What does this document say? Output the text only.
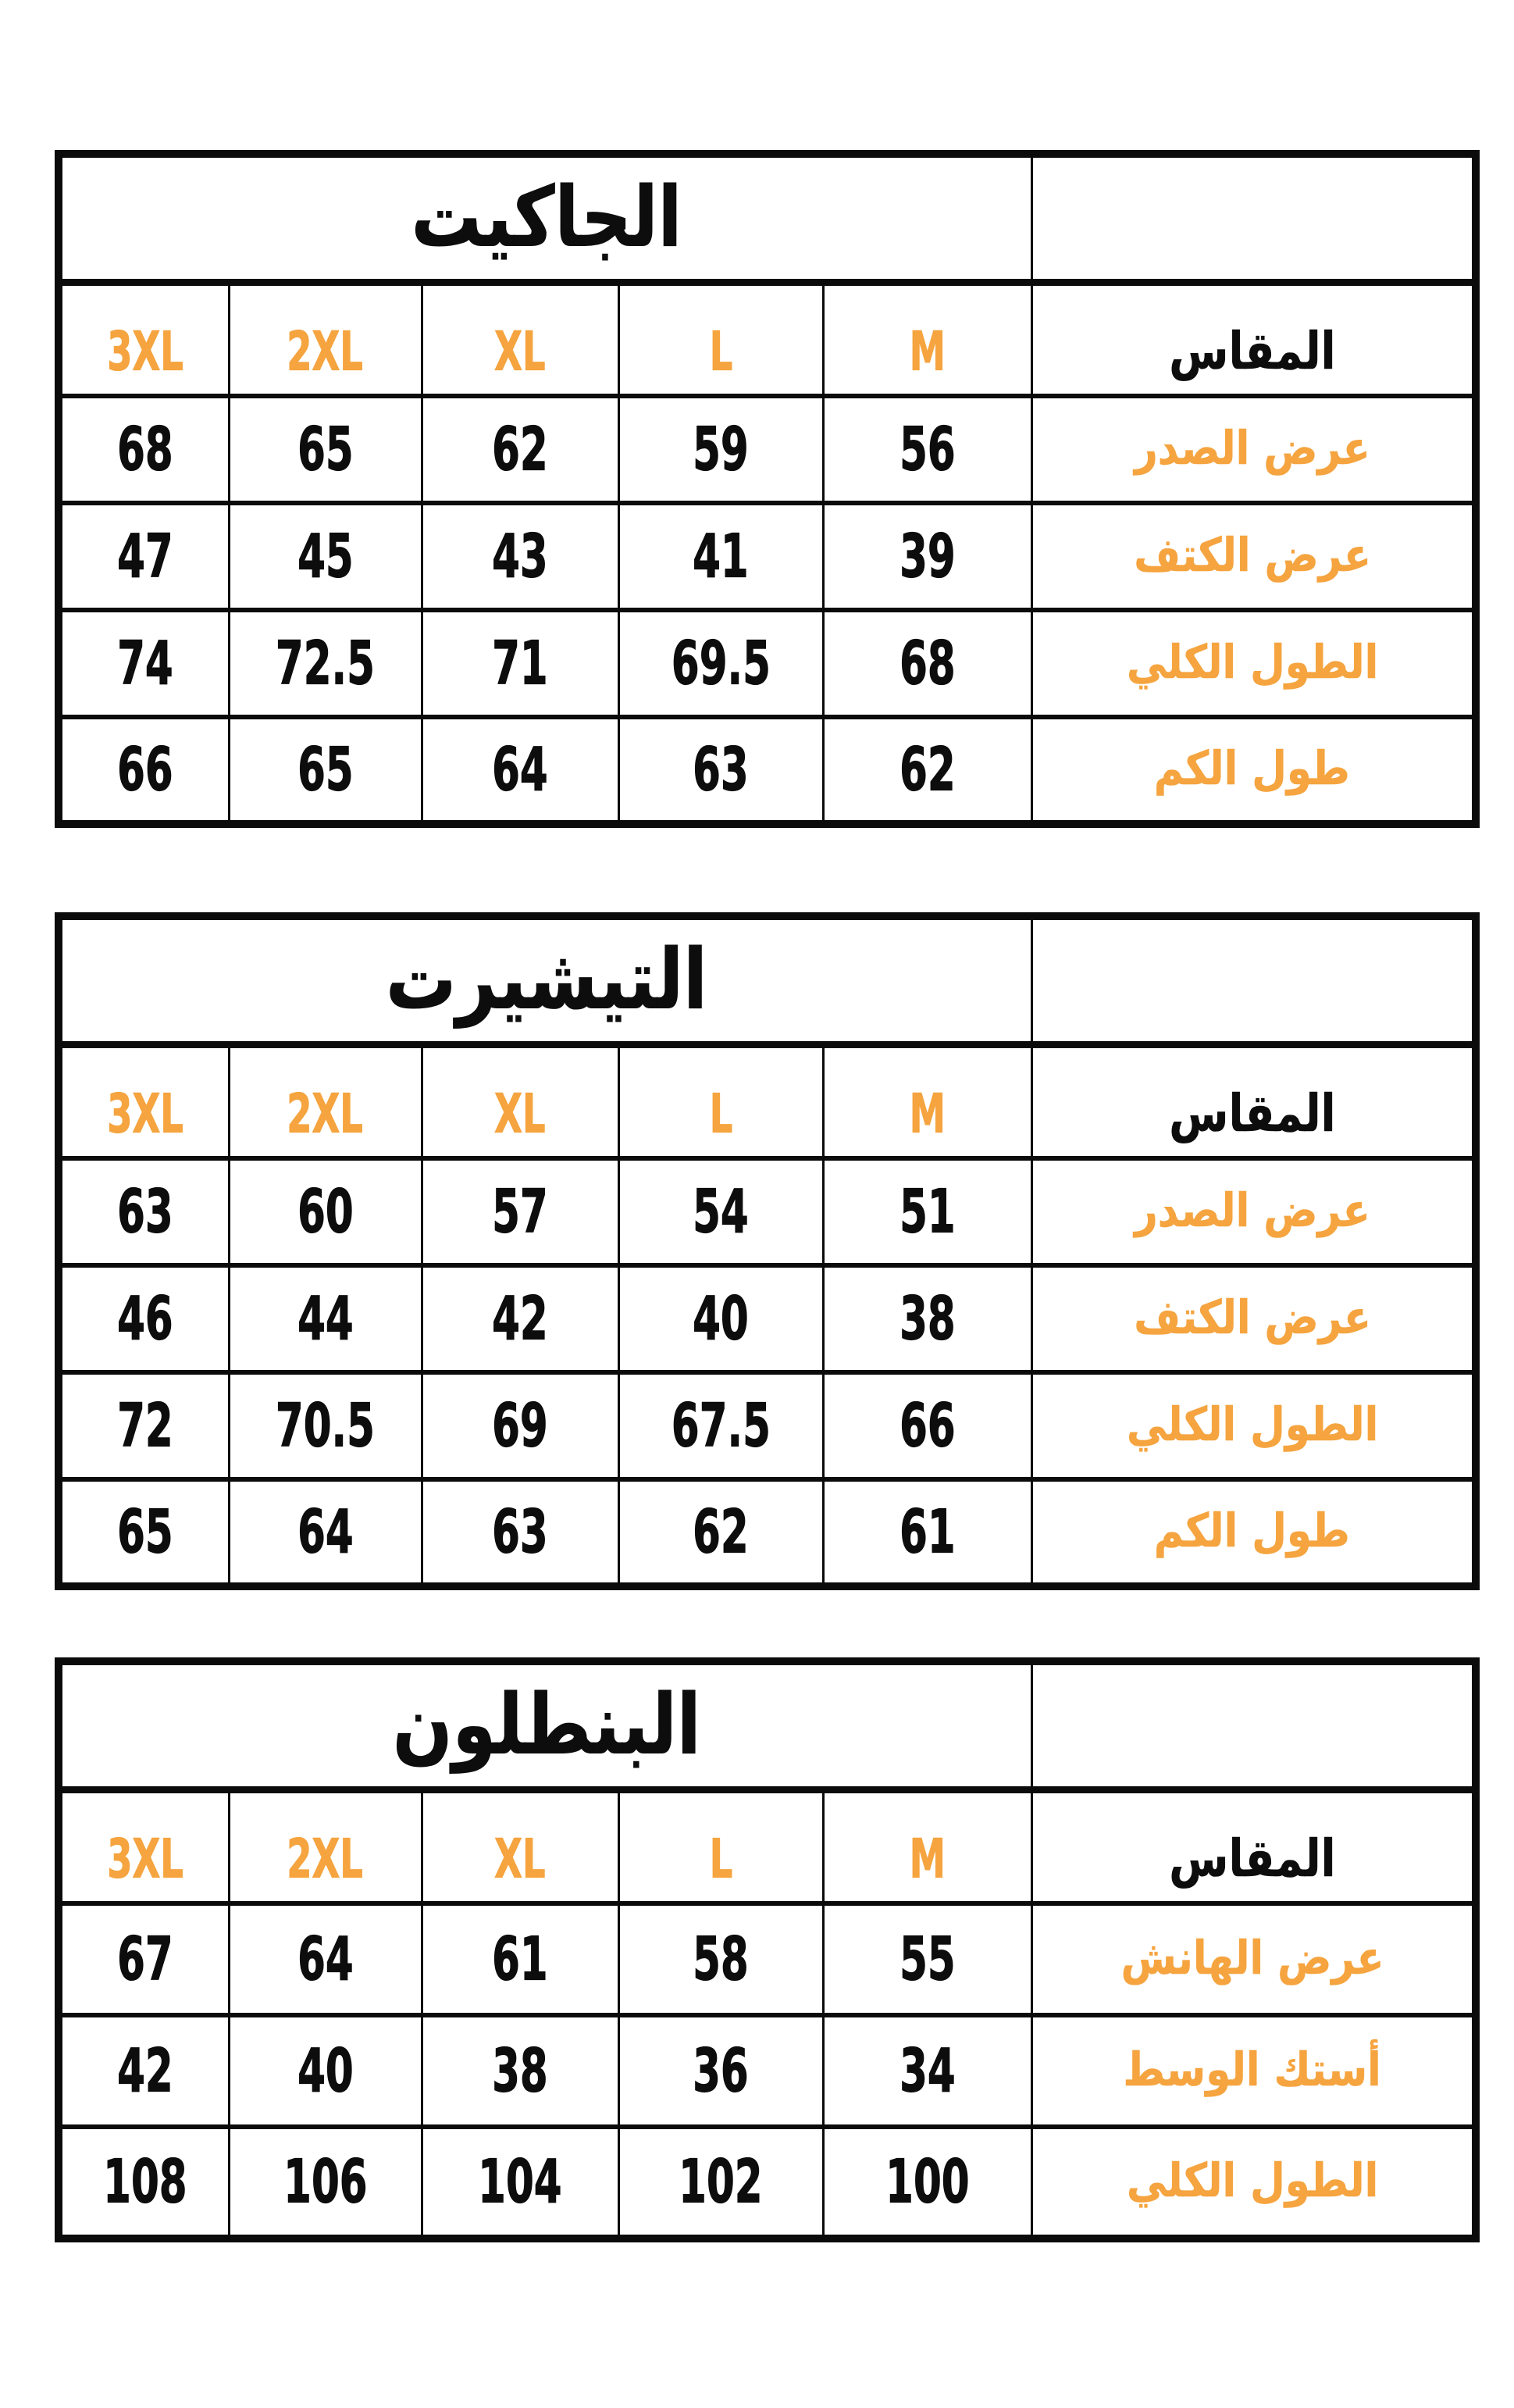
الجاكيت					
3XL	2XL	XL	L	M	المقاس
68	65	62	59	56	عرض الصدر
47	45	43	41	39	عرض الكتف
74	72.5	71	69.5	68	الطول الكلي
66	65	64	63	62	طول الكم
التيشيرت					
3XL	2XL	XL	L	M	المقاس
63	60	57	54	51	عرض الصدر
46	44	42	40	38	عرض الكتف
72	70.5	69	67.5	66	الطول الكلي
65	64	63	62	61	طول الكم
البنطلون					
3XL	2XL	XL	L	M	المقاس
67	64	61	58	55	عرض الهانش
42	40	38	36	34	أستك الوسط
108	106	104	102	100	الطول الكلي
